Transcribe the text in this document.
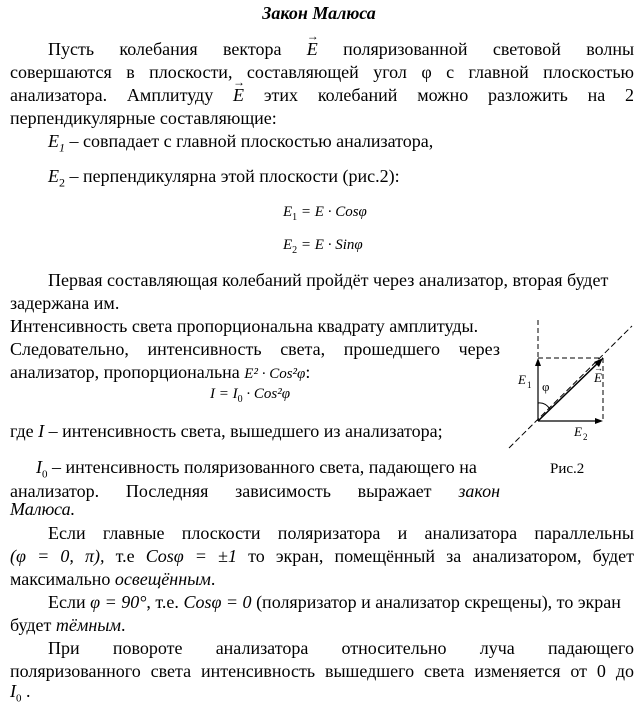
Закон Малюса
Пусть колебания вектора → E поляризованной световой волны
совершаются в плоскости, составляющей угол φ с главной плоскостью
анализатора. Амплитуду → E этих колебаний можно разложить на 2
перпендикулярные составляющие:
$E_1$ – совпадает с главной плоскостью анализатора,
$E_2$ – перпендикулярна этой плоскости (рис.2):
$E_1 = E \cdot Cos\varphi$
$E_2 = E \cdot Sin\varphi$
Первая составляющая колебаний пройдёт через анализатор, вторая будет
задержана им.
Интенсивность света пропорциональна квадрату амплитуды.
Следовательно, интенсивность света, прошедшего через
анализатор, пропорциональна E² · Cos²φ:
$I = I_0 \cdot Cos^2\varphi$
где I – интенсивность света, вышедшего из анализатора;
$I_0$ – интенсивность поляризованного света, падающего на
анализатор. Последняя зависимость выражает закон
Малюса.
Если главные плоскости поляризатора и анализатора параллельны
(φ = 0, π), т.е Cosφ = ±1 то экран, помещённый за анализатором, будет
максимально освещённым.
Если φ = 90°, т.е. Cosφ = 0 (поляризатор и анализатор скрещены), то экран
будет тёмным.
При повороте анализатора относительно луча падающего
поляризованного света интенсивность вышедшего света изменяется от 0 до
$I_0$ .
E 1 φ
E
→
E 2
Рис.2
